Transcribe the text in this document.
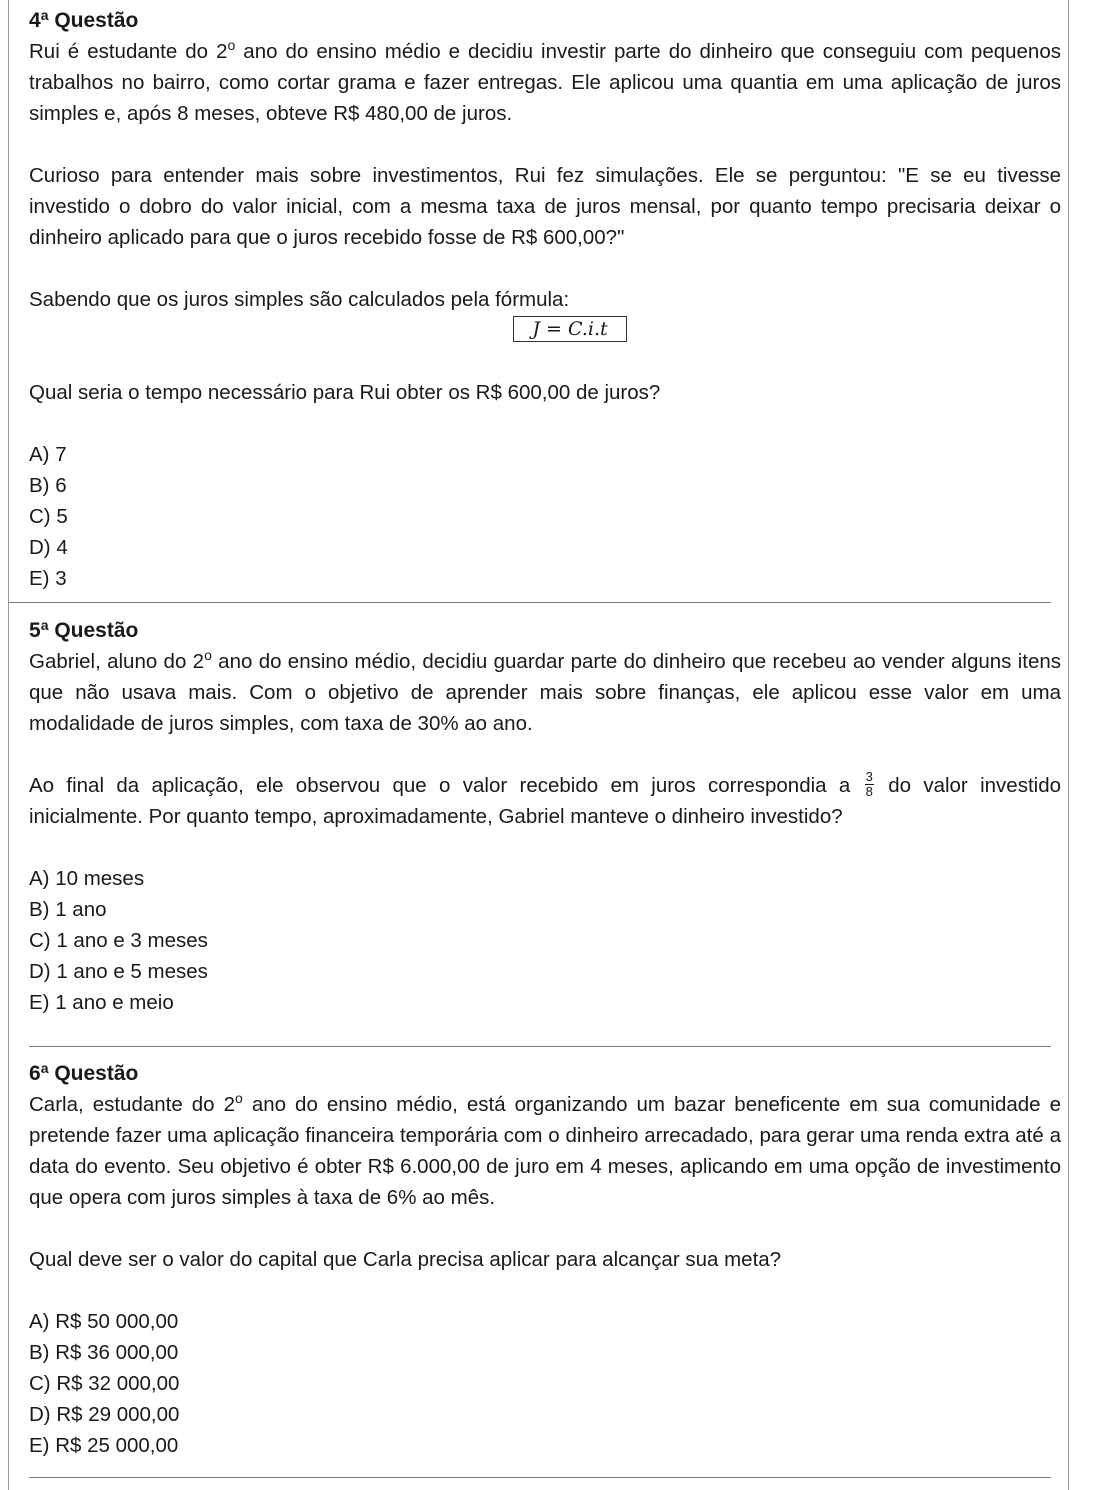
4$^a$ Questão

Rui é estudante do 2$^o$ ano do ensino médio e decidiu investir parte do dinheiro que conseguiu com pequenos trabalhos no bairro, como cortar grama e fazer entregas. Ele aplicou uma quantia em uma aplicação de juros simples e, após 8 meses, obteve R$ 480,00 de juros.

Curioso para entender mais sobre investimentos, Rui fez simulações. Ele se perguntou: "E se eu tivesse investido o dobro do valor inicial, com a mesma taxa de juros mensal, por quanto tempo precisaria deixar o dinheiro aplicado para que o juros recebido fosse de R$ 600,00?"

Sabendo que os juros simples são calculados pela fórmula:

J = C.i.t

Qual seria o tempo necessário para Rui obter os R$ 600,00 de juros?

A) 7
B) 6
C) 5
D) 4
E) 3
5$^a$ Questão

Gabriel, aluno do 2$^o$ ano do ensino médio, decidiu guardar parte do dinheiro que recebeu ao vender alguns itens que não usava mais. Com o objetivo de aprender mais sobre finanças, ele aplicou esse valor em uma modalidade de juros simples, com taxa de 30% ao ano.

Ao final da aplicação, ele observou que o valor recebido em juros correspondia a $\frac{3}{8}$ do valor investido inicialmente. Por quanto tempo, aproximadamente, Gabriel manteve o dinheiro investido?

A) 10 meses
B) 1 ano
C) 1 ano e 3 meses
D) 1 ano e 5 meses
E) 1 ano e meio
6$^a$ Questão

Carla, estudante do 2$^o$ ano do ensino médio, está organizando um bazar beneficente em sua comunidade e pretende fazer uma aplicação financeira temporária com o dinheiro arrecadado, para gerar uma renda extra até a data do evento. Seu objetivo é obter R$ 6.000,00 de juro em 4 meses, aplicando em uma opção de investimento que opera com juros simples à taxa de 6% ao mês.

Qual deve ser o valor do capital que Carla precisa aplicar para alcançar sua meta?

A) R$ 50 000,00
B) R$ 36 000,00
C) R$ 32 000,00
D) R$ 29 000,00
E) R$ 25 000,00
